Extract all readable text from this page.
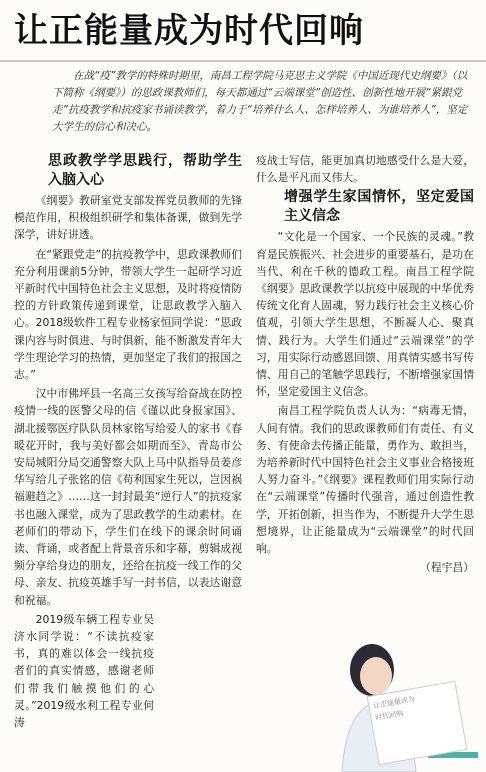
让正能量成为时代回响
在战“疫”教学的特殊时期里，南昌工程学院马克思主义学院《中国近现代史纲要》（以下简称《纲要》）的思政课教师们，每天都通过“云端课堂”创造性、创新性地开展“紧跟党走”抗疫教学和抗疫家书诵读教学，着力于“培养什么人、怎样培养人、为谁培养人”，坚定大学生的信心和决心。

思政教学学思践行，帮助学生入脑入心

《纲要》教研室党支部发挥党员教师的先锋模范作用，积极组织研学和集体备课，做到先学深学，讲好讲透。

在“紧跟党走”的抗疫教学中，思政课教师们充分利用课前5分钟，带领大学生一起研学习近平新时代中国特色社会主义思想，及时将疫情防控的方针政策传递到课堂，让思政教学入脑入心。2018级软件工程专业杨家恒同学说：“思政课内容与时俱进、与时俱新，能不断激发青年大学生理论学习的热情，更加坚定了我们的报国之志。”

汉中市佛坪县一名高三女孩写给奋战在防控疫情一线的医警父母的信《谨以此身报家国》、湖北援鄂医疗队队员林家铭写给爱人的家书《春暖花开时，我与美好都会如期而至》、青岛市公安局城阳分局交通警察大队上马中队指导员姜彦华写给儿子张铭的信《苟利国家生死以，岂因祸福避趋之》……这一封封最美“逆行人”的抗疫家书也融入课堂，成为了思政教学的生动素材。在老师们的带动下，学生们在线下的课余时间诵读、背诵，或者配上背景音乐和字幕，剪辑成视频分享给身边的朋友，还给在抗疫一线工作的父母、亲友、抗疫英雄手写一封书信，以表达谢意和祝福。

2019级车辆工程专业吴济水同学说：“不读抗疫家书，真的难以体会一线抗疫者们的真实情感，感谢老师们带我们触摸他们的心灵。”2019级水利工程专业何涛

疫战士写信，能更加真切地感受什么是大爱，什么是平凡而又伟大。

增强学生家国情怀，坚定爱国主义信念

“文化是一个国家、一个民族的灵魂。”教育是民族振兴、社会进步的重要基石，是功在当代、利在千秋的德政工程。南昌工程学院《纲要》思政课教学以抗疫中展现的中华优秀传统文化育人固魂，努力践行社会主义核心价值观，引领大学生思想，不断凝人心、聚真情、践行为。大学生们通过“云端课堂”的学习，用实际行动感恩回馈、用真情实感书写传情、用自己的笔触学思践行，不断增强家国情怀，坚定爱国主义信念。

南昌工程学院负责人认为：“病毒无情，人间有情。我们的思政课教师们有责任、有义务、有使命去传播正能量，勇作为、敢担当，为培养新时代中国特色社会主义事业合格接班人努力奋斗。”《纲要》课程教师们用实际行动在“云端课堂”传播时代强音，通过创造性教学，开拓创新，担当作为，不断提升大学生思想境界，让正能量成为“云端课堂”的时代回响。

（程宇昌）
让正能量成为
时代回响
